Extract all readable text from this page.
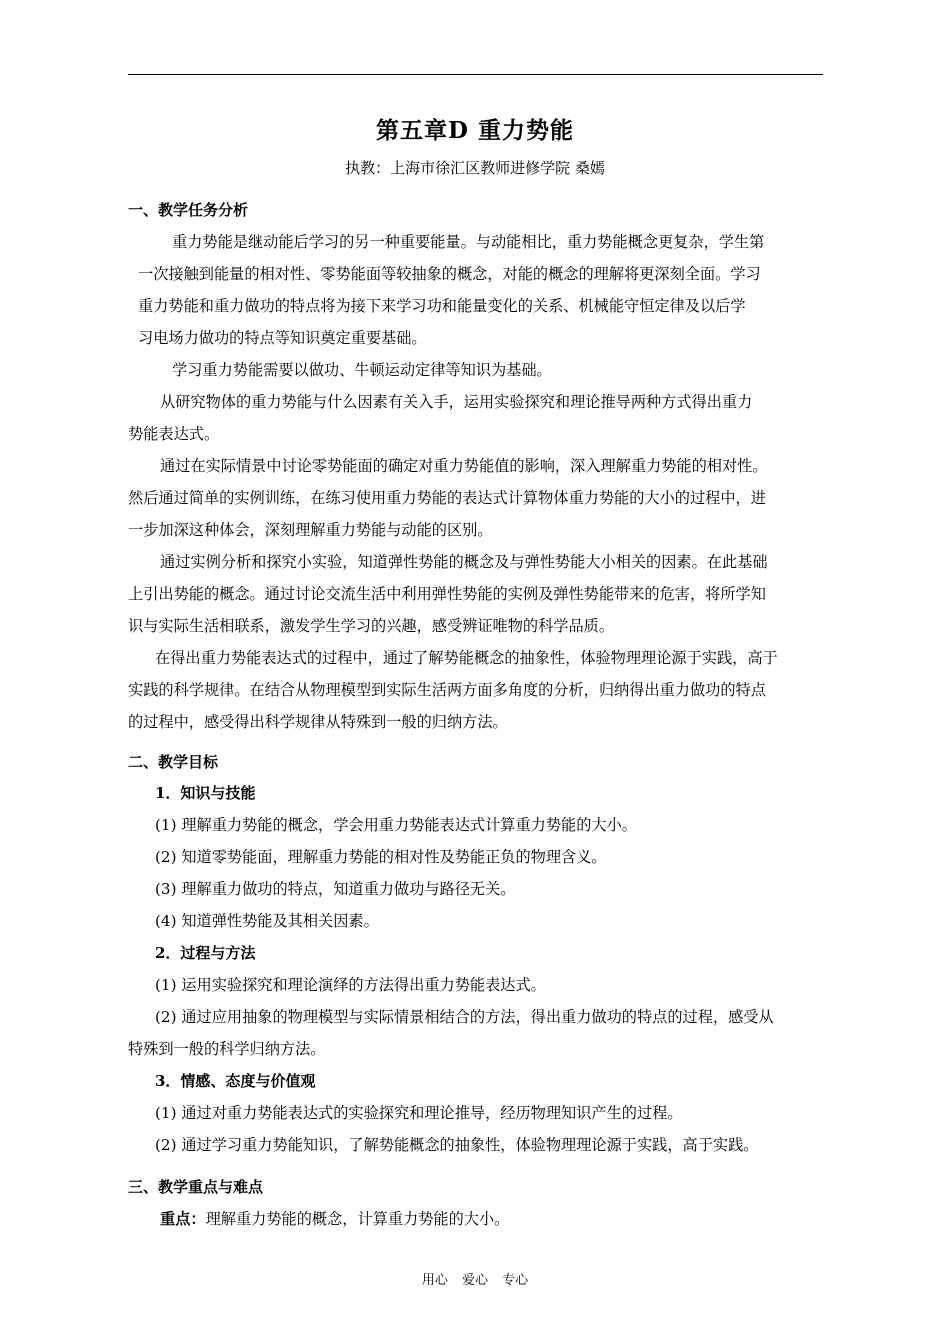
第五章D 重力势能
执教：上海市徐汇区教师进修学院 桑嫣
一、教学任务分析
重力势能是继动能后学习的另一种重要能量。与动能相比，重力势能概念更复杂，学生第
一次接触到能量的相对性、零势能面等较抽象的概念，对能的概念的理解将更深刻全面。学习
重力势能和重力做功的特点将为接下来学习功和能量变化的关系、机械能守恒定律及以后学
习电场力做功的特点等知识奠定重要基础。
学习重力势能需要以做功、牛顿运动定律等知识为基础。
从研究物体的重力势能与什么因素有关入手，运用实验探究和理论推导两种方式得出重力
势能表达式。
通过在实际情景中讨论零势能面的确定对重力势能值的影响，深入理解重力势能的相对性。
然后通过简单的实例训练，在练习使用重力势能的表达式计算物体重力势能的大小的过程中，进
一步加深这种体会，深刻理解重力势能与动能的区别。
通过实例分析和探究小实验，知道弹性势能的概念及与弹性势能大小相关的因素。在此基础
上引出势能的概念。通过讨论交流生活中利用弹性势能的实例及弹性势能带来的危害，将所学知
识与实际生活相联系，激发学生学习的兴趣，感受辨证唯物的科学品质。
在得出重力势能表达式的过程中，通过了解势能概念的抽象性，体验物理理论源于实践，高于
实践的科学规律。在结合从物理模型到实际生活两方面多角度的分析，归纳得出重力做功的特点
的过程中，感受得出科学规律从特殊到一般的归纳方法。
二、教学目标
1．知识与技能
(1) 理解重力势能的概念，学会用重力势能表达式计算重力势能的大小。
(2) 知道零势能面，理解重力势能的相对性及势能正负的物理含义。
(3) 理解重力做功的特点，知道重力做功与路径无关。
(4) 知道弹性势能及其相关因素。
2．过程与方法
(1) 运用实验探究和理论演绎的方法得出重力势能表达式。
(2) 通过应用抽象的物理模型与实际情景相结合的方法，得出重力做功的特点的过程，感受从
特殊到一般的科学归纳方法。
3．情感、态度与价值观
(1) 通过对重力势能表达式的实验探究和理论推导，经历物理知识产生的过程。
(2) 通过学习重力势能知识，了解势能概念的抽象性，体验物理理论源于实践，高于实践。
三、教学重点与难点
重点：理解重力势能的概念，计算重力势能的大小。
用心 爱心 专心
